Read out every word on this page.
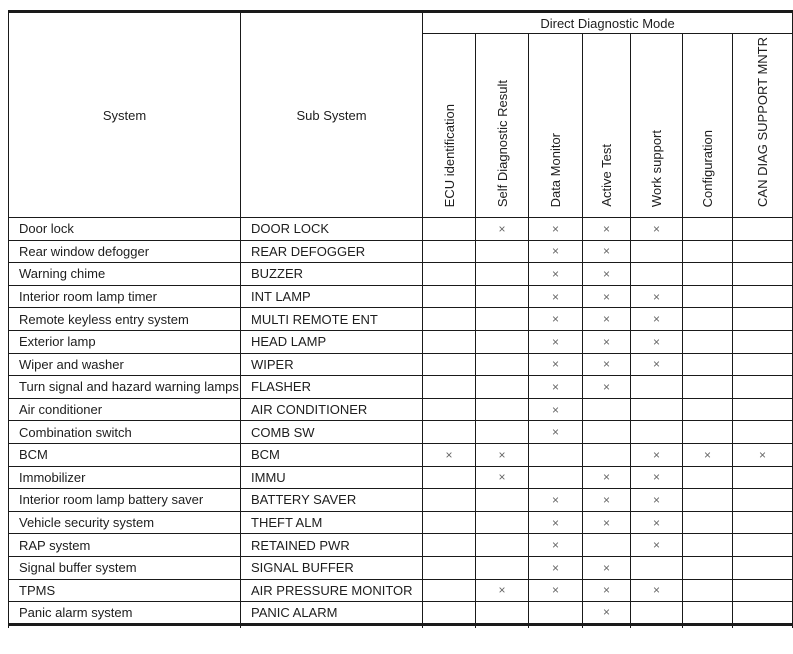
System	Sub System	Direct Diagnostic Mode						

		ECU identification	Self Diagnostic Result	Data Monitor	Active Test	Work support	Configuration	CAN DIAG SUPPORT MNTR

Door lock	DOOR LOCK		×	×	×	×		
Rear window defogger	REAR DEFOGGER			×	×			
Warning chime	BUZZER			×	×			
Interior room lamp timer	INT LAMP			×	×	×		
Remote keyless entry system	MULTI REMOTE ENT			×	×	×		
Exterior lamp	HEAD LAMP			×	×	×		
Wiper and washer	WIPER			×	×	×		
Turn signal and hazard warning lamps	FLASHER			×	×			
Air conditioner	AIR CONDITIONER			×				
Combination switch	COMB SW			×				
BCM	BCM	×	×			×	×	×
Immobilizer	IMMU		×		×	×		
Interior room lamp battery saver	BATTERY SAVER			×	×	×		
Vehicle security system	THEFT ALM			×	×	×		
RAP system	RETAINED PWR			×		×		
Signal buffer system	SIGNAL BUFFER			×	×			
TPMS	AIR PRESSURE MONITOR		×	×	×	×		
Panic alarm system	PANIC ALARM				×			
